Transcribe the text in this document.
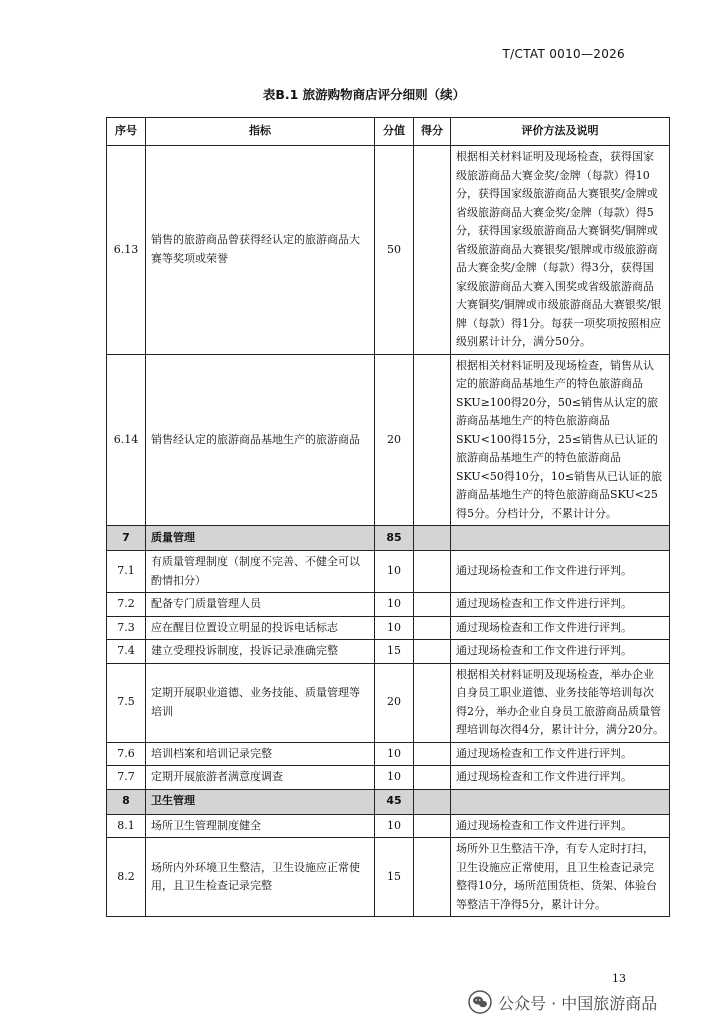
T/CTAT 0010—2026
表B.1 旅游购物商店评分细则（续）
序号	指标	分值	得分	评价方法及说明
6.13	销售的旅游商品曾获得经认定的旅游商品大赛等奖项或荣誉	50		根据相关材料证明及现场检查，获得国家级旅游商品大赛金奖/金牌（每款）得10分，获得国家级旅游商品大赛银奖/金牌或省级旅游商品大赛金奖/金牌（每款）得5分，获得国家级旅游商品大赛铜奖/铜牌或省级旅游商品大赛银奖/银牌或市级旅游商品大赛金奖/金牌（每款）得3分，获得国家级旅游商品大赛入围奖或省级旅游商品大赛铜奖/铜牌或市级旅游商品大赛银奖/银牌（每款）得1分。每获一项奖项按照相应级别累计计分，满分50分。
6.14	销售经认定的旅游商品基地生产的旅游商品	20		根据相关材料证明及现场检查，销售从认定的旅游商品基地生产的特色旅游商品SKU≥100得20分，50≤销售从认定的旅游商品基地生产的特色旅游商品SKU<100得15分，25≤销售从已认证的旅游商品基地生产的特色旅游商品SKU<50得10分，10≤销售从已认证的旅游商品基地生产的特色旅游商品SKU<25得5分。分档计分，不累计计分。
7	质量管理	85		
7.1	有质量管理制度（制度不完善、不健全可以酌情扣分）	10		通过现场检查和工作文件进行评判。
7.2	配备专门质量管理人员	10		通过现场检查和工作文件进行评判。
7.3	应在醒目位置设立明显的投诉电话标志	10		通过现场检查和工作文件进行评判。
7.4	建立受理投诉制度，投诉记录准确完整	15		通过现场检查和工作文件进行评判。
7.5	定期开展职业道德、业务技能、质量管理等培训	20		根据相关材料证明及现场检查，举办企业自身员工职业道德、业务技能等培训每次得2分，举办企业自身员工旅游商品质量管理培训每次得4分，累计计分，满分20分。
7.6	培训档案和培训记录完整	10		通过现场检查和工作文件进行评判。
7.7	定期开展旅游者满意度调查	10		通过现场检查和工作文件进行评判。
8	卫生管理	45		
8.1	场所卫生管理制度健全	10		通过现场检查和工作文件进行评判。
8.2	场所内外环境卫生整洁，卫生设施应正常使用，且卫生检查记录完整	15		场所外卫生整洁干净，有专人定时打扫，卫生设施应正常使用，且卫生检查记录完整得10分，场所范围货柜、货架、体验台等整洁干净得5分，累计计分。
13
公众号 · 中国旅游商品
